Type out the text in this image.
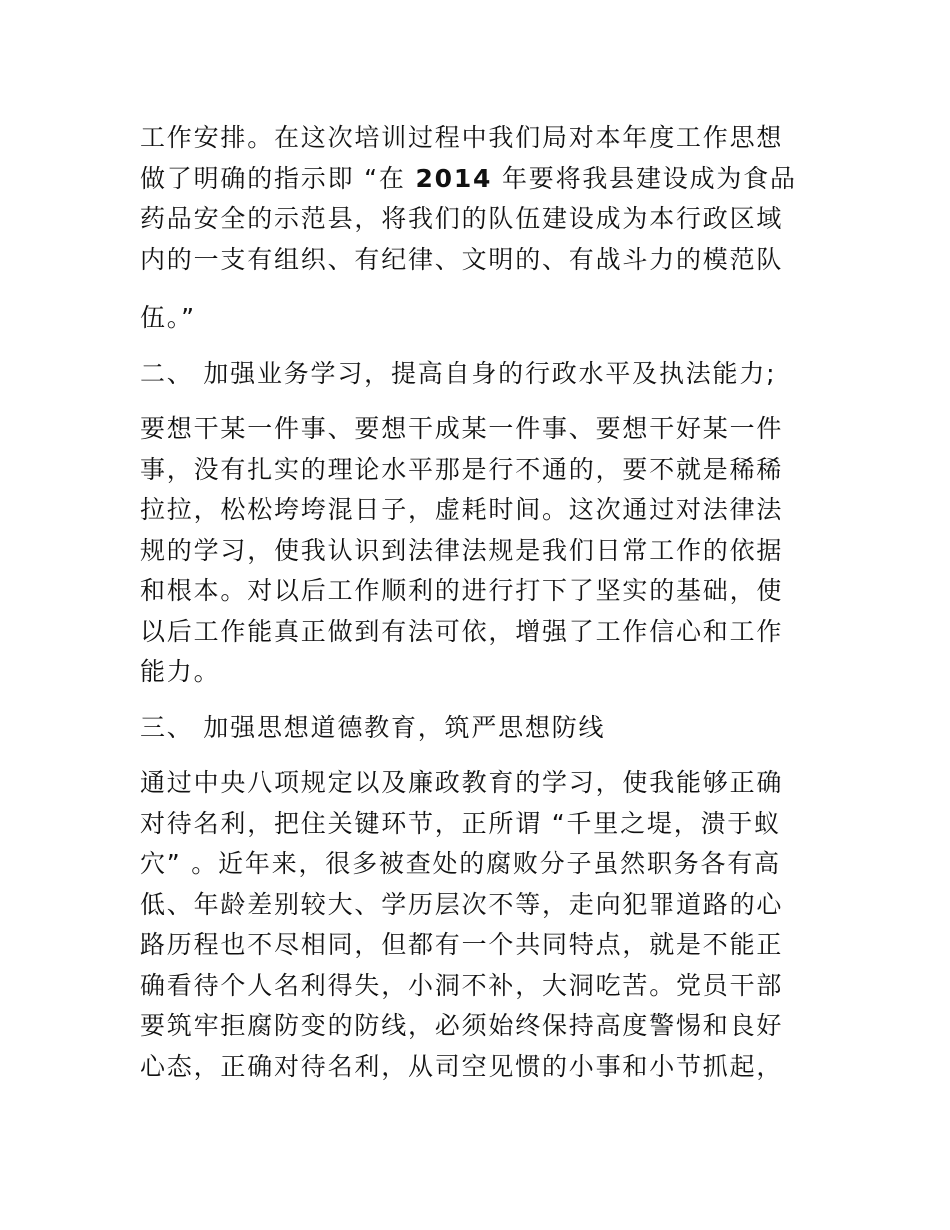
工作安排。在这次培训过程中我们局对本年度工作思想
做了明确的指示即 “在 2014 年要将我县建设成为食品
药品安全的示范县，将我们的队伍建设成为本行政区域
内的一支有组织、有纪律、文明的、有战斗力的模范队
伍。”
二、 加强业务学习，提高自身的行政水平及执法能力;
要想干某一件事、要想干成某一件事、要想干好某一件
事，没有扎实的理论水平那是行不通的，要不就是稀稀
拉拉，松松垮垮混日子，虚耗时间。这次通过对法律法
规的学习，使我认识到法律法规是我们日常工作的依据
和根本。对以后工作顺利的进行打下了坚实的基础，使
以后工作能真正做到有法可依，增强了工作信心和工作
能力。
三、 加强思想道德教育，筑严思想防线
通过中央八项规定以及廉政教育的学习，使我能够正确
对待名利，把住关键环节，正所谓 “千里之堤，溃于蚁
穴” 。近年来，很多被查处的腐败分子虽然职务各有高
低、年龄差别较大、学历层次不等，走向犯罪道路的心
路历程也不尽相同，但都有一个共同特点，就是不能正
确看待个人名利得失，小洞不补，大洞吃苦。党员干部
要筑牢拒腐防变的防线，必须始终保持高度警惕和良好
心态，正确对待名利，从司空见惯的小事和小节抓起，
